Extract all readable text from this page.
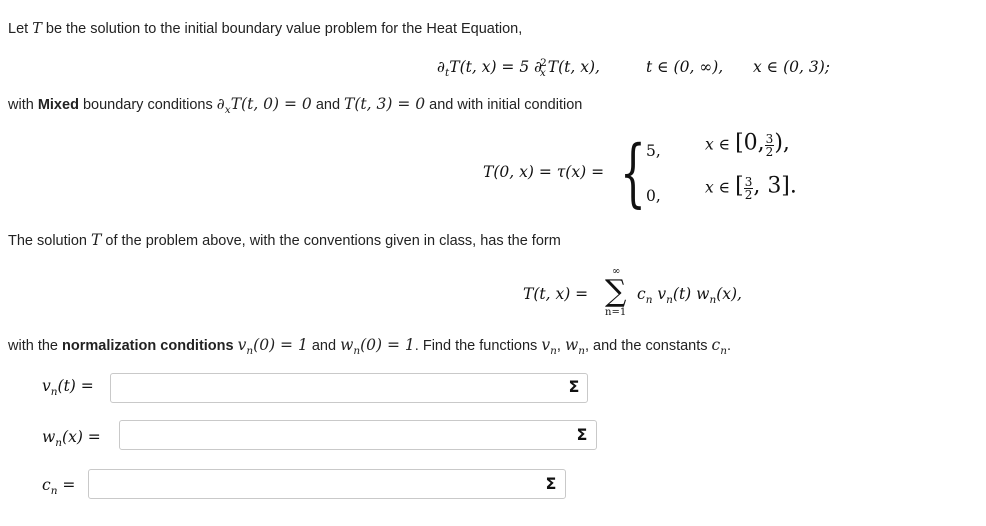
Let T be the solution to the initial boundary value problem for the Heat Equation,
$\partial_tT(t$, x) = 5 ∂$^2_x$ T(t, x),	t ∈ (0, ∞), x ∈ (0, 3);
with Mixed boundary conditions $\partial_xT(t$, 0) = 0 and T(t, 3) = 0 and with initial condition
T(0, x) = τ(x) = { 5,	x ∈ [0, $\frac{3}{2}$ ),
0,	x ∈ [ $\frac{3}{2}$ , 3].
The solution T of the problem above, with the conventions given in class, has the form
T(t, x) =
∞
∑
n=1
$c_n$ $v_n(t)$ $w_n(x)$,
with the normalization conditions $v_n(0) = 1$ and $w_n(0) = 1$. Find the functions $v_n$, $w_n$, and the constants $c_n$.
$v_n(t)$ =	Σ
$w_n(x)$ =	Σ
$c_n$ =	Σ
